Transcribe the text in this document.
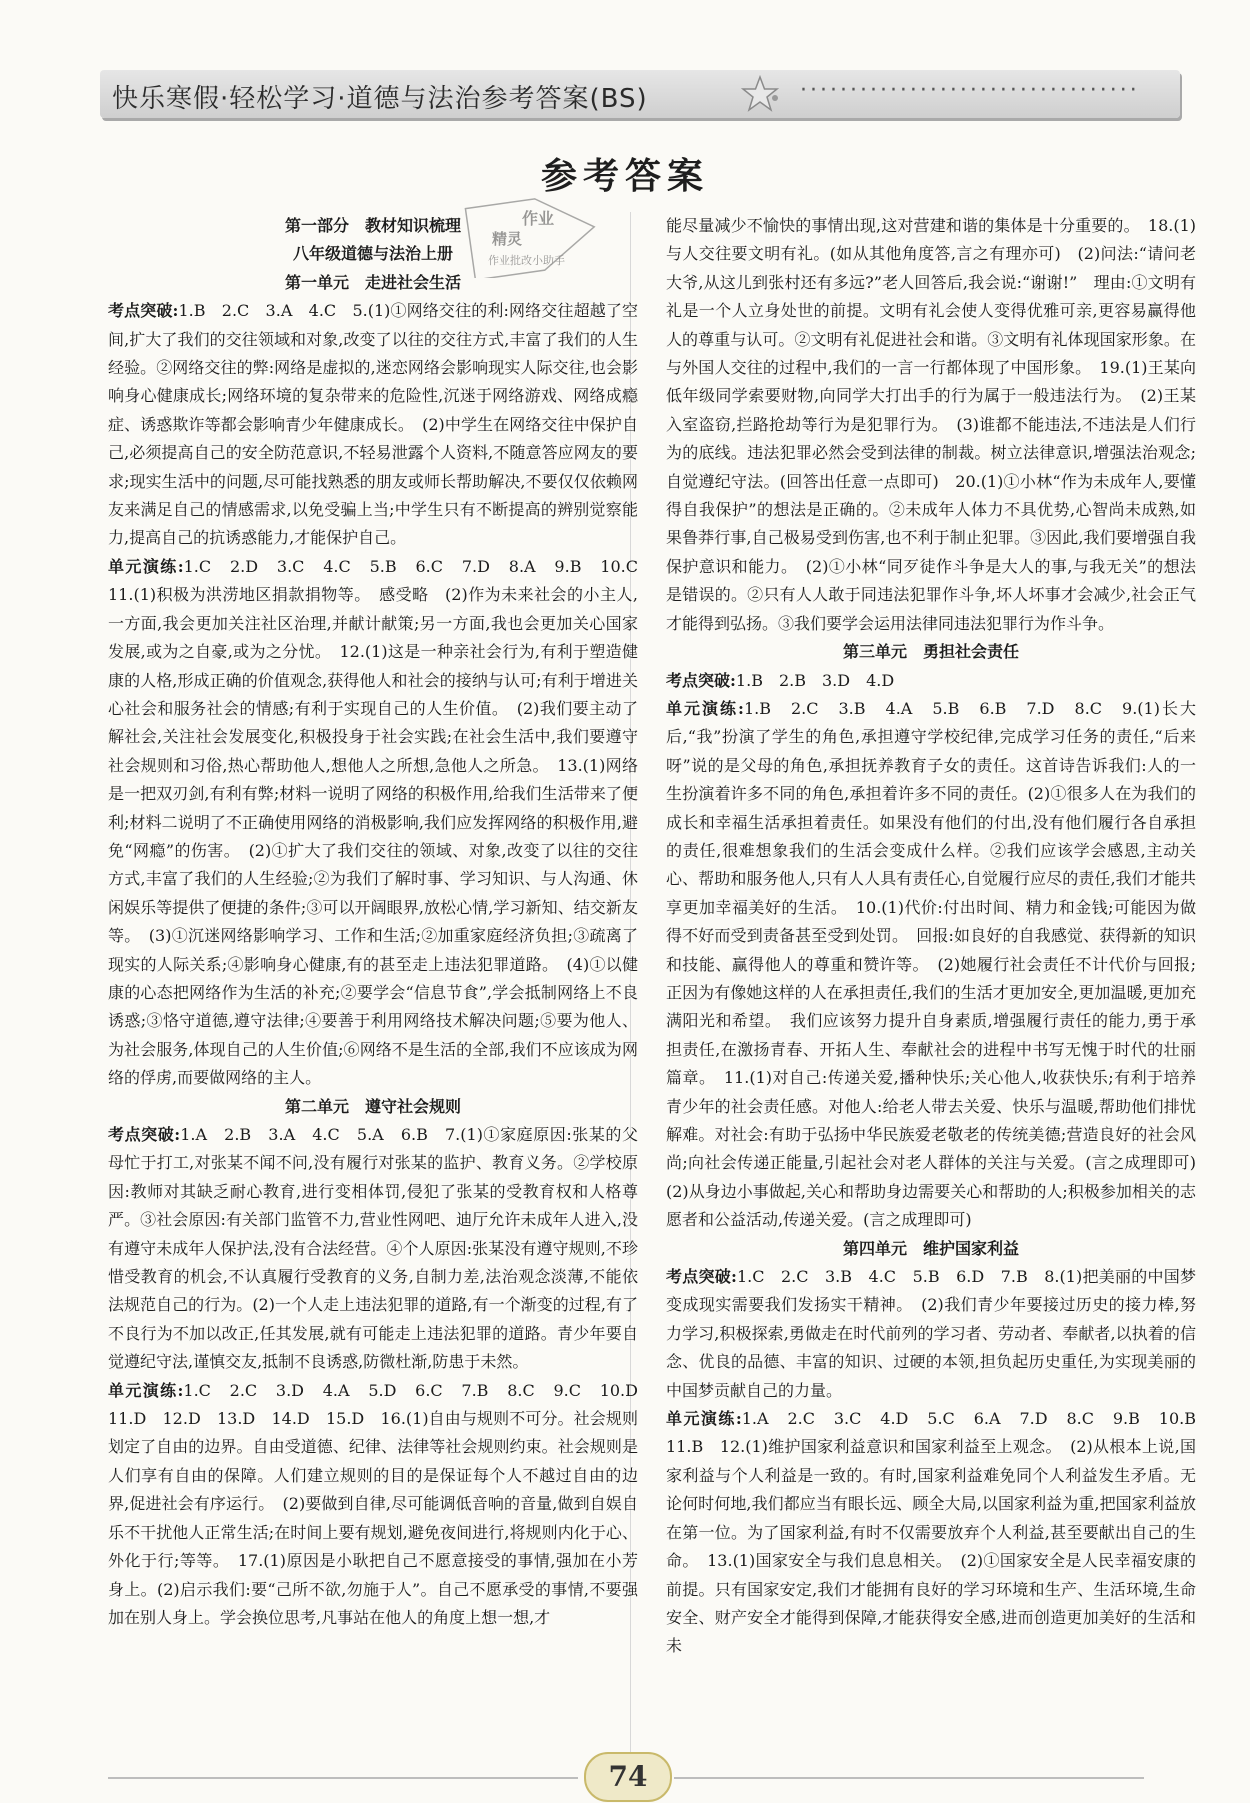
快乐寒假·轻松学习·道德与法治参考答案(BS)	··································
参考答案
作业
精灵
作业批改小助手

第一部分　教材知识梳理

八年级道德与法治上册

第一单元　走进社会生活

考点突破:1.B　2.C　3.A　4.C　5.(1)①网络交往的利:网络交往超越了空间,扩大了我们的交往领域和对象,改变了以往的交往方式,丰富了我们的人生经验。②网络交往的弊:网络是虚拟的,迷恋网络会影响现实人际交往,也会影响身心健康成长;网络环境的复杂带来的危险性,沉迷于网络游戏、网络成瘾症、诱惑欺诈等都会影响青少年健康成长。　(2)中学生在网络交往中保护自己,必须提高自己的安全防范意识,不轻易泄露个人资料,不随意答应网友的要求;现实生活中的问题,尽可能找熟悉的朋友或师长帮助解决,不要仅仅依赖网友来满足自己的情感需求,以免受骗上当;中学生只有不断提高的辨别觉察能力,提高自己的抗诱惑能力,才能保护自己。

单元演练:1.C　2.D　3.C　4.C　5.B　6.C　7.D　8.A　9.B　10.C　11.(1)积极为洪涝地区捐款捐物等。　感受略　(2)作为未来社会的小主人,一方面,我会更加关注社区治理,并献计献策;另一方面,我也会更加关心国家发展,或为之自豪,或为之分忧。　12.(1)这是一种亲社会行为,有利于塑造健康的人格,形成正确的价值观念,获得他人和社会的接纳与认可;有利于增进关心社会和服务社会的情感;有利于实现自己的人生价值。　(2)我们要主动了解社会,关注社会发展变化,积极投身于社会实践;在社会生活中,我们要遵守社会规则和习俗,热心帮助他人,想他人之所想,急他人之所急。　13.(1)网络是一把双刃剑,有利有弊;材料一说明了网络的积极作用,给我们生活带来了便利;材料二说明了不正确使用网络的消极影响,我们应发挥网络的积极作用,避免“网瘾”的伤害。　(2)①扩大了我们交往的领域、对象,改变了以往的交往方式,丰富了我们的人生经验;②为我们了解时事、学习知识、与人沟通、休闲娱乐等提供了便捷的条件;③可以开阔眼界,放松心情,学习新知、结交新友等。　(3)①沉迷网络影响学习、工作和生活;②加重家庭经济负担;③疏离了现实的人际关系;④影响身心健康,有的甚至走上违法犯罪道路。　(4)①以健康的心态把网络作为生活的补充;②要学会“信息节食”,学会抵制网络上不良诱惑;③恪守道德,遵守法律;④要善于利用网络技术解决问题;⑤要为他人、为社会服务,体现自己的人生价值;⑥网络不是生活的全部,我们不应该成为网络的俘虏,而要做网络的主人。

第二单元　遵守社会规则

考点突破:1.A　2.B　3.A　4.C　5.A　6.B　7.(1)①家庭原因:张某的父母忙于打工,对张某不闻不问,没有履行对张某的监护、教育义务。②学校原因:教师对其缺乏耐心教育,进行变相体罚,侵犯了张某的受教育权和人格尊严。③社会原因:有关部门监管不力,营业性网吧、迪厅允许未成年人进入,没有遵守未成年人保护法,没有合法经营。④个人原因:张某没有遵守规则,不珍惜受教育的机会,不认真履行受教育的义务,自制力差,法治观念淡薄,不能依法规范自己的行为。(2)一个人走上违法犯罪的道路,有一个渐变的过程,有了不良行为不加以改正,任其发展,就有可能走上违法犯罪的道路。青少年要自觉遵纪守法,谨慎交友,抵制不良诱惑,防微杜渐,防患于未然。

单元演练:1.C　2.C　3.D　4.A　5.D　6.C　7.B　8.C　9.C　10.D　11.D　12.D　13.D　14.D　15.D　16.(1)自由与规则不可分。社会规则划定了自由的边界。自由受道德、纪律、法律等社会规则约束。社会规则是人们享有自由的保障。人们建立规则的目的是保证每个人不越过自由的边界,促进社会有序运行。　(2)要做到自律,尽可能调低音响的音量,做到自娱自乐不干扰他人正常生活;在时间上要有规划,避免夜间进行,将规则内化于心、外化于行;等等。　17.(1)原因是小耿把自己不愿意接受的事情,强加在小芳身上。(2)启示我们:要“己所不欲,勿施于人”。自己不愿承受的事情,不要强加在别人身上。学会换位思考,凡事站在他人的角度上想一想,才

能尽量减少不愉快的事情出现,这对营建和谐的集体是十分重要的。　18.(1)与人交往要文明有礼。(如从其他角度答,言之有理亦可)　(2)问法:“请问老大爷,从这儿到张村还有多远?”老人回答后,我会说:“谢谢!”　理由:①文明有礼是一个人立身处世的前提。文明有礼会使人变得优雅可亲,更容易赢得他人的尊重与认可。②文明有礼促进社会和谐。③文明有礼体现国家形象。在与外国人交往的过程中,我们的一言一行都体现了中国形象。　19.(1)王某向低年级同学索要财物,向同学大打出手的行为属于一般违法行为。　(2)王某入室盗窃,拦路抢劫等行为是犯罪行为。　(3)谁都不能违法,不违法是人们行为的底线。违法犯罪必然会受到法律的制裁。树立法律意识,增强法治观念;自觉遵纪守法。(回答出任意一点即可)　20.(1)①小林“作为未成年人,要懂得自我保护”的想法是正确的。②未成年人体力不具优势,心智尚未成熟,如果鲁莽行事,自己极易受到伤害,也不利于制止犯罪。③因此,我们要增强自我保护意识和能力。　(2)①小林“同歹徒作斗争是大人的事,与我无关”的想法是错误的。②只有人人敢于同违法犯罪作斗争,坏人坏事才会减少,社会正气才能得到弘扬。③我们要学会运用法律同违法犯罪行为作斗争。

第三单元　勇担社会责任

考点突破:1.B　2.B　3.D　4.D

单元演练:1.B　2.C　3.B　4.A　5.B　6.B　7.D　8.C　9.(1)长大后,“我”扮演了学生的角色,承担遵守学校纪律,完成学习任务的责任,“后来呀”说的是父母的角色,承担抚养教育子女的责任。这首诗告诉我们:人的一生扮演着许多不同的角色,承担着许多不同的责任。(2)①很多人在为我们的成长和幸福生活承担着责任。如果没有他们的付出,没有他们履行各自承担的责任,很难想象我们的生活会变成什么样。②我们应该学会感恩,主动关心、帮助和服务他人,只有人人具有责任心,自觉履行应尽的责任,我们才能共享更加幸福美好的生活。　10.(1)代价:付出时间、精力和金钱;可能因为做得不好而受到责备甚至受到处罚。　回报:如良好的自我感觉、获得新的知识和技能、赢得他人的尊重和赞许等。　(2)她履行社会责任不计代价与回报;正因为有像她这样的人在承担责任,我们的生活才更加安全,更加温暖,更加充满阳光和希望。　我们应该努力提升自身素质,增强履行责任的能力,勇于承担责任,在激扬青春、开拓人生、奉献社会的进程中书写无愧于时代的壮丽篇章。　11.(1)对自己:传递关爱,播种快乐;关心他人,收获快乐;有利于培养青少年的社会责任感。对他人:给老人带去关爱、快乐与温暖,帮助他们排忧解难。对社会:有助于弘扬中华民族爱老敬老的传统美德;营造良好的社会风尚;向社会传递正能量,引起社会对老人群体的关注与关爱。(言之成理即可)(2)从身边小事做起,关心和帮助身边需要关心和帮助的人;积极参加相关的志愿者和公益活动,传递关爱。(言之成理即可)

第四单元　维护国家利益

考点突破:1.C　2.C　3.B　4.C　5.B　6.D　7.B　8.(1)把美丽的中国梦变成现实需要我们发扬实干精神。　(2)我们青少年要接过历史的接力棒,努力学习,积极探索,勇做走在时代前列的学习者、劳动者、奉献者,以执着的信念、优良的品德、丰富的知识、过硬的本领,担负起历史重任,为实现美丽的中国梦贡献自己的力量。

单元演练:1.A　2.C　3.C　4.D　5.C　6.A　7.D　8.C　9.B　10.B　11.B　12.(1)维护国家利益意识和国家利益至上观念。　(2)从根本上说,国家利益与个人利益是一致的。有时,国家利益难免同个人利益发生矛盾。无论何时何地,我们都应当有眼长远、顾全大局,以国家利益为重,把国家利益放在第一位。为了国家利益,有时不仅需要放弃个人利益,甚至要献出自己的生命。　13.(1)国家安全与我们息息相关。　(2)①国家安全是人民幸福安康的前提。只有国家安定,我们才能拥有良好的学习环境和生产、生活环境,生命安全、财产安全才能得到保障,才能获得安全感,进而创造更加美好的生活和未

74
